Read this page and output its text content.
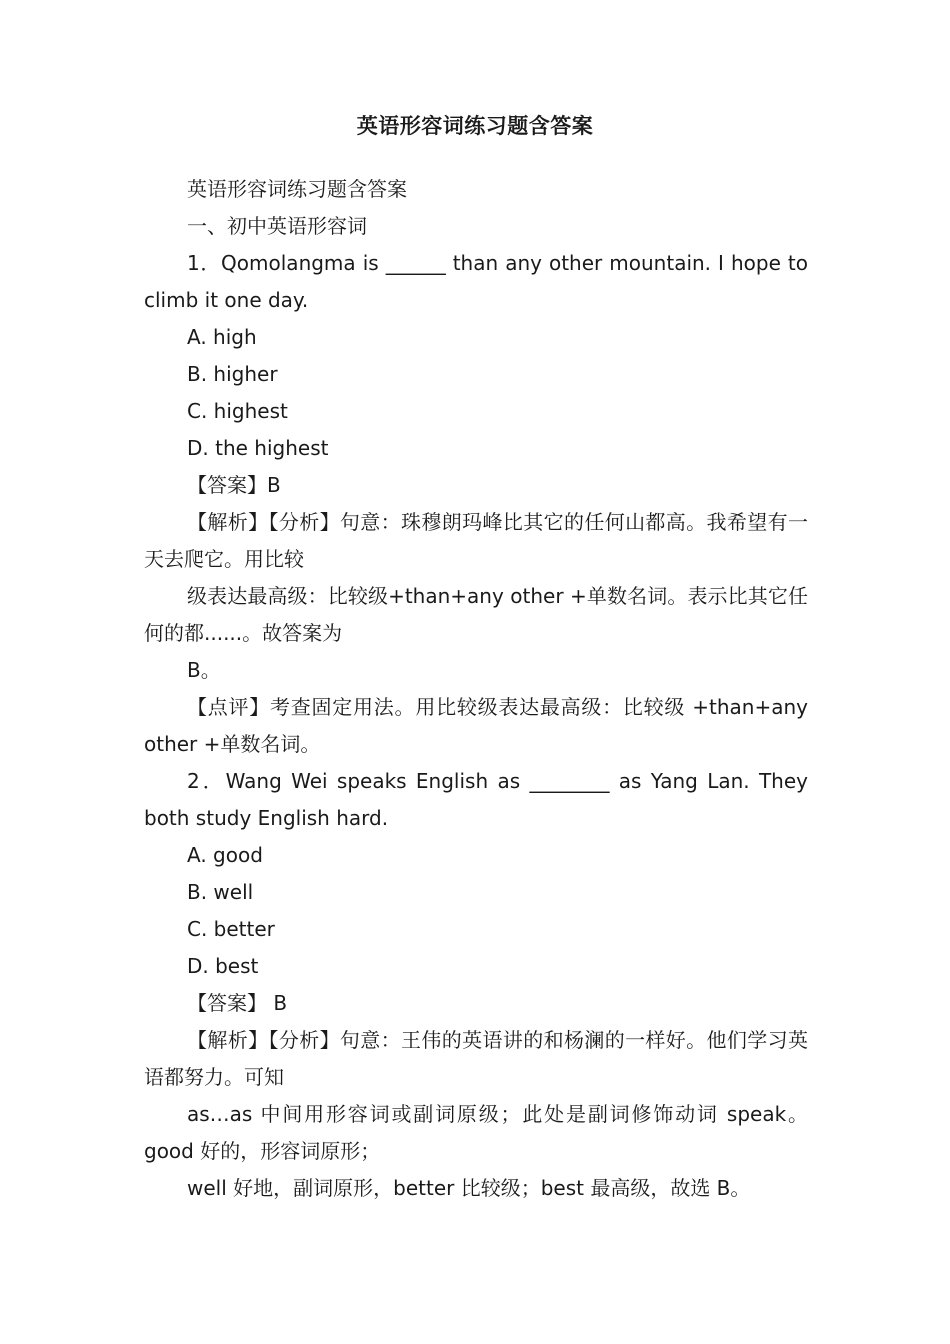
英语形容词练习题含答案

英语形容词练习题含答案

一、初中英语形容词

1．Qomolangma is ______ than any other mountain. I hope to climb it one day.

A. high

B. higher

C. highest

D. the highest

【答案】B

【解析】【分析】句意：珠穆朗玛峰比其它的任何山都高。我希望有一天去爬它。用比较

级表达最高级：比较级+than+any other +单数名词。表示比其它任何的都......。故答案为

B。

【点评】考查固定用法。用比较级表达最高级：比较级 +than+any other +单数名词。

2．Wang Wei speaks English as ________ as Yang Lan. They both study English hard.

A. good

B. well

C. better

D. best

【答案】 B

【解析】【分析】句意：王伟的英语讲的和杨澜的一样好。他们学习英语都努力。可知

as…as 中间用形容词或副词原级；此处是副词修饰动词 speak。good 好的，形容词原形；

well 好地，副词原形，better 比较级；best 最高级，故选 B。
